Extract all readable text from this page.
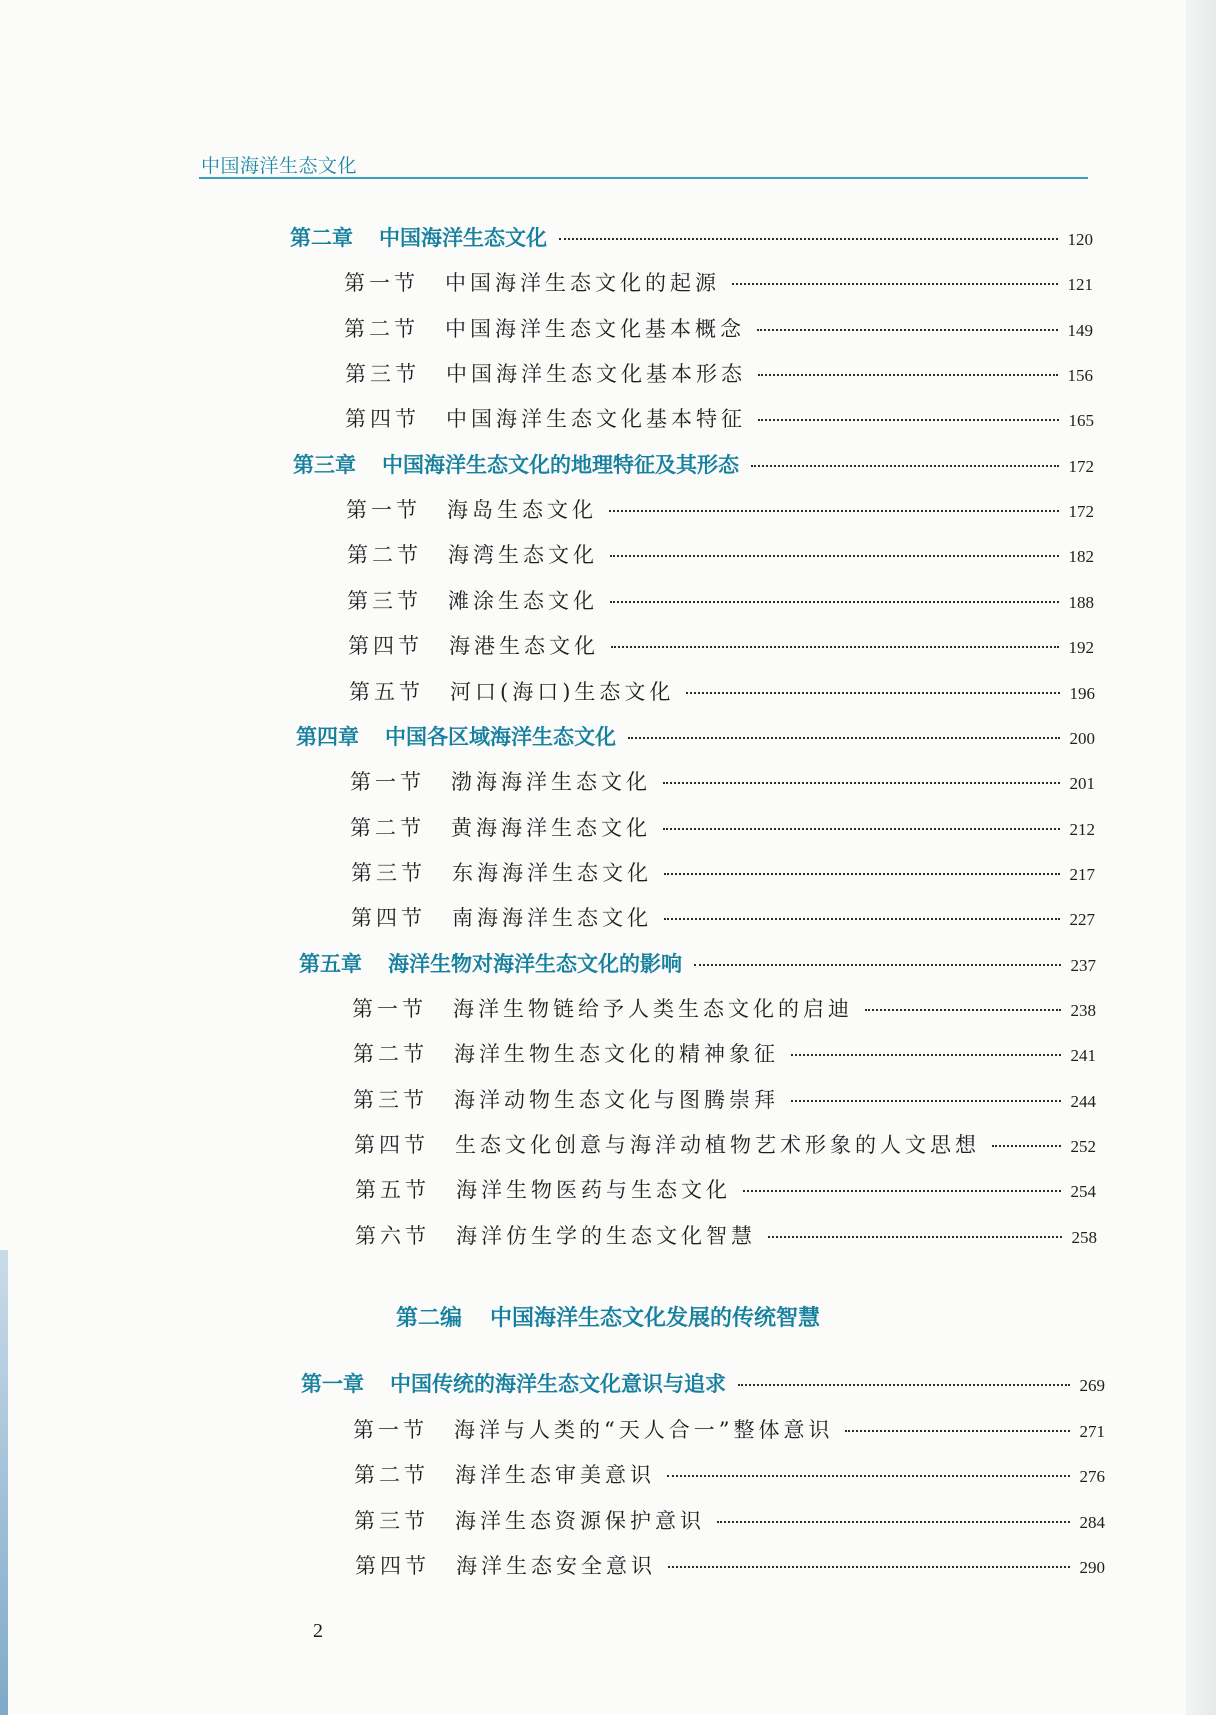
中国海洋生态文化
第二章 中国海洋生态文化	120
第一节 中国海洋生态文化的起源	121
第二节 中国海洋生态文化基本概念	149
第三节 中国海洋生态文化基本形态	156
第四节 中国海洋生态文化基本特征	165
第三章 中国海洋生态文化的地理特征及其形态	172
第一节 海岛生态文化	172
第二节 海湾生态文化	182
第三节 滩涂生态文化	188
第四节 海港生态文化	192
第五节 河口(海口)生态文化	196
第四章 中国各区域海洋生态文化	200
第一节 渤海海洋生态文化	201
第二节 黄海海洋生态文化	212
第三节 东海海洋生态文化	217
第四节 南海海洋生态文化	227
第五章 海洋生物对海洋生态文化的影响	237
第一节 海洋生物链给予人类生态文化的启迪	238
第二节 海洋生物生态文化的精神象征	241
第三节 海洋动物生态文化与图腾崇拜	244
第四节 生态文化创意与海洋动植物艺术形象的人文思想	252
第五节 海洋生物医药与生态文化	254
第六节 海洋仿生学的生态文化智慧	258
第一章 中国传统的海洋生态文化意识与追求	269
第一节 海洋与人类的“天人合一”整体意识	271
第二节 海洋生态审美意识	276
第三节 海洋生态资源保护意识	284
第四节 海洋生态安全意识	290
第二编 中国海洋生态文化发展的传统智慧
2
